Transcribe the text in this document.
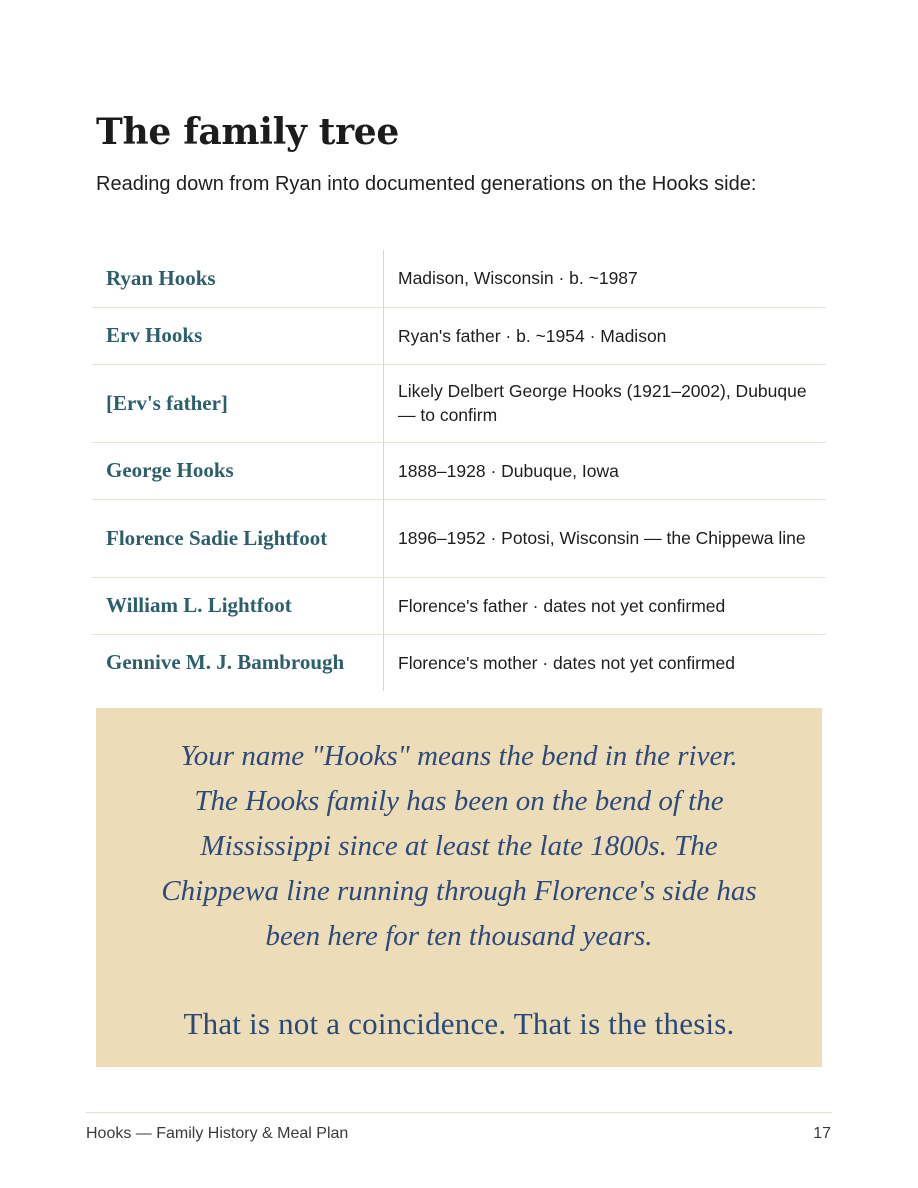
The family tree

Reading down from Ryan into documented generations on the Hooks side:

Ryan Hooks	Madison, Wisconsin · b. ~1987
Erv Hooks	Ryan's father · b. ~1954 · Madison
[Erv's father]	Likely Delbert George Hooks (1921–2002), Dubuque — to confirm
George Hooks	1888–1928 · Dubuque, Iowa
Florence Sadie Lightfoot	1896–1952 · Potosi, Wisconsin — the Chippewa line
William L. Lightfoot	Florence's father · dates not yet confirmed
Gennive M. J. Bambrough	Florence's mother · dates not yet confirmed

Your name "Hooks" means the bend in the river. The Hooks family has been on the bend of the Mississippi since at least the late 1800s. The Chippewa line running through Florence's side has been here for ten thousand years.

That is not a coincidence. That is the thesis.

Hooks — Family History & Meal Plan	17
